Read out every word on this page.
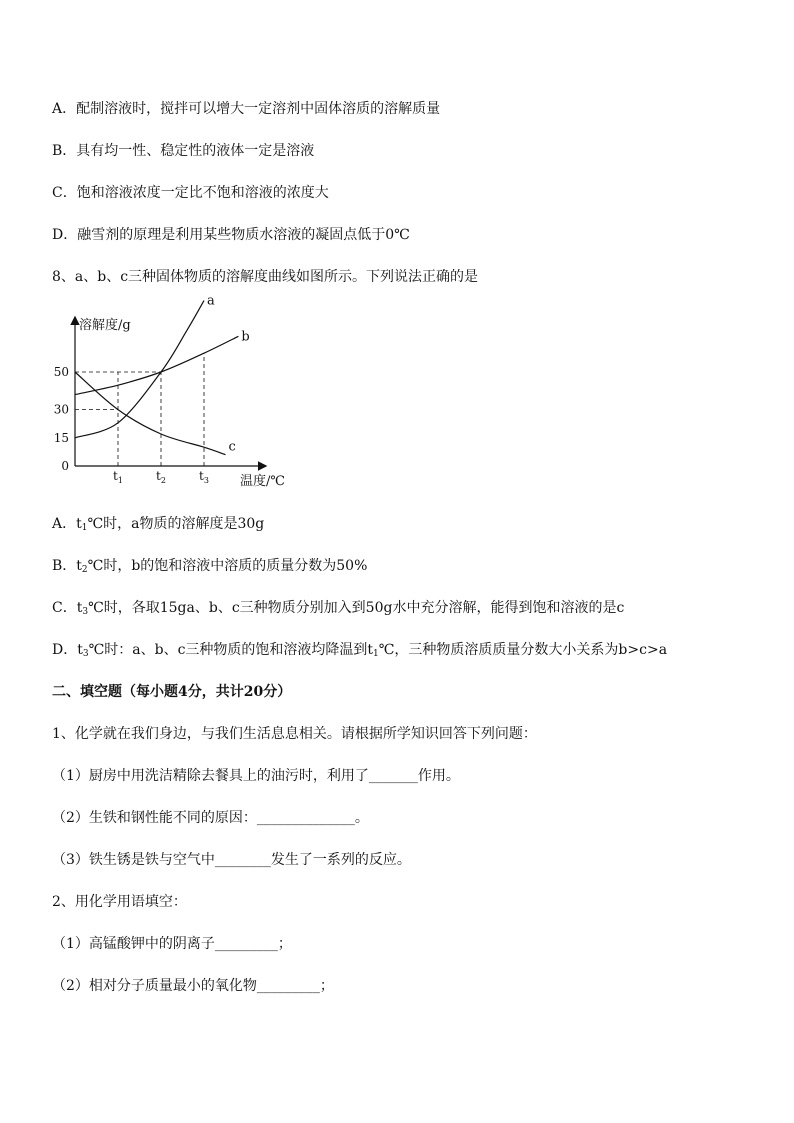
A．配制溶液时，搅拌可以增大一定溶剂中固体溶质的溶解质量
B．具有均一性、稳定性的液体一定是溶液
C．饱和溶液浓度一定比不饱和溶液的浓度大
D．融雪剂的原理是利用某些物质水溶液的凝固点低于0℃
8、a、b、c三种固体物质的溶解度曲线如图所示。下列说法正确的是
溶解度/g
温度/℃
50
30
15
0
$t_1$	$t_2$	$t_3$
a
b
c
A．$t_1℃$时，a物质的溶解度是30g
B．$t_2℃$时，b的饱和溶液中溶质的质量分数为50%
C．$t_3℃$时，各取15ga、b、c三种物质分别加入到50g水中充分溶解，能得到饱和溶液的是c
D．$t_3℃$时：a、b、c三种物质的饱和溶液均降温到$t_1℃$，三种物质溶质质量分数大小关系为b>c>a
二、填空题（每小题4分，共计20分）
1、化学就在我们身边，与我们生活息息相关。请根据所学知识回答下列问题：
（1）厨房中用洗洁精除去餐具上的油污时，利用了_______作用。
（2）生铁和钢性能不同的原因：______________。
（3）铁生锈是铁与空气中________发生了一系列的反应。
2、用化学用语填空：
（1）高锰酸钾中的阴离子_________；
（2）相对分子质量最小的氧化物_________；
